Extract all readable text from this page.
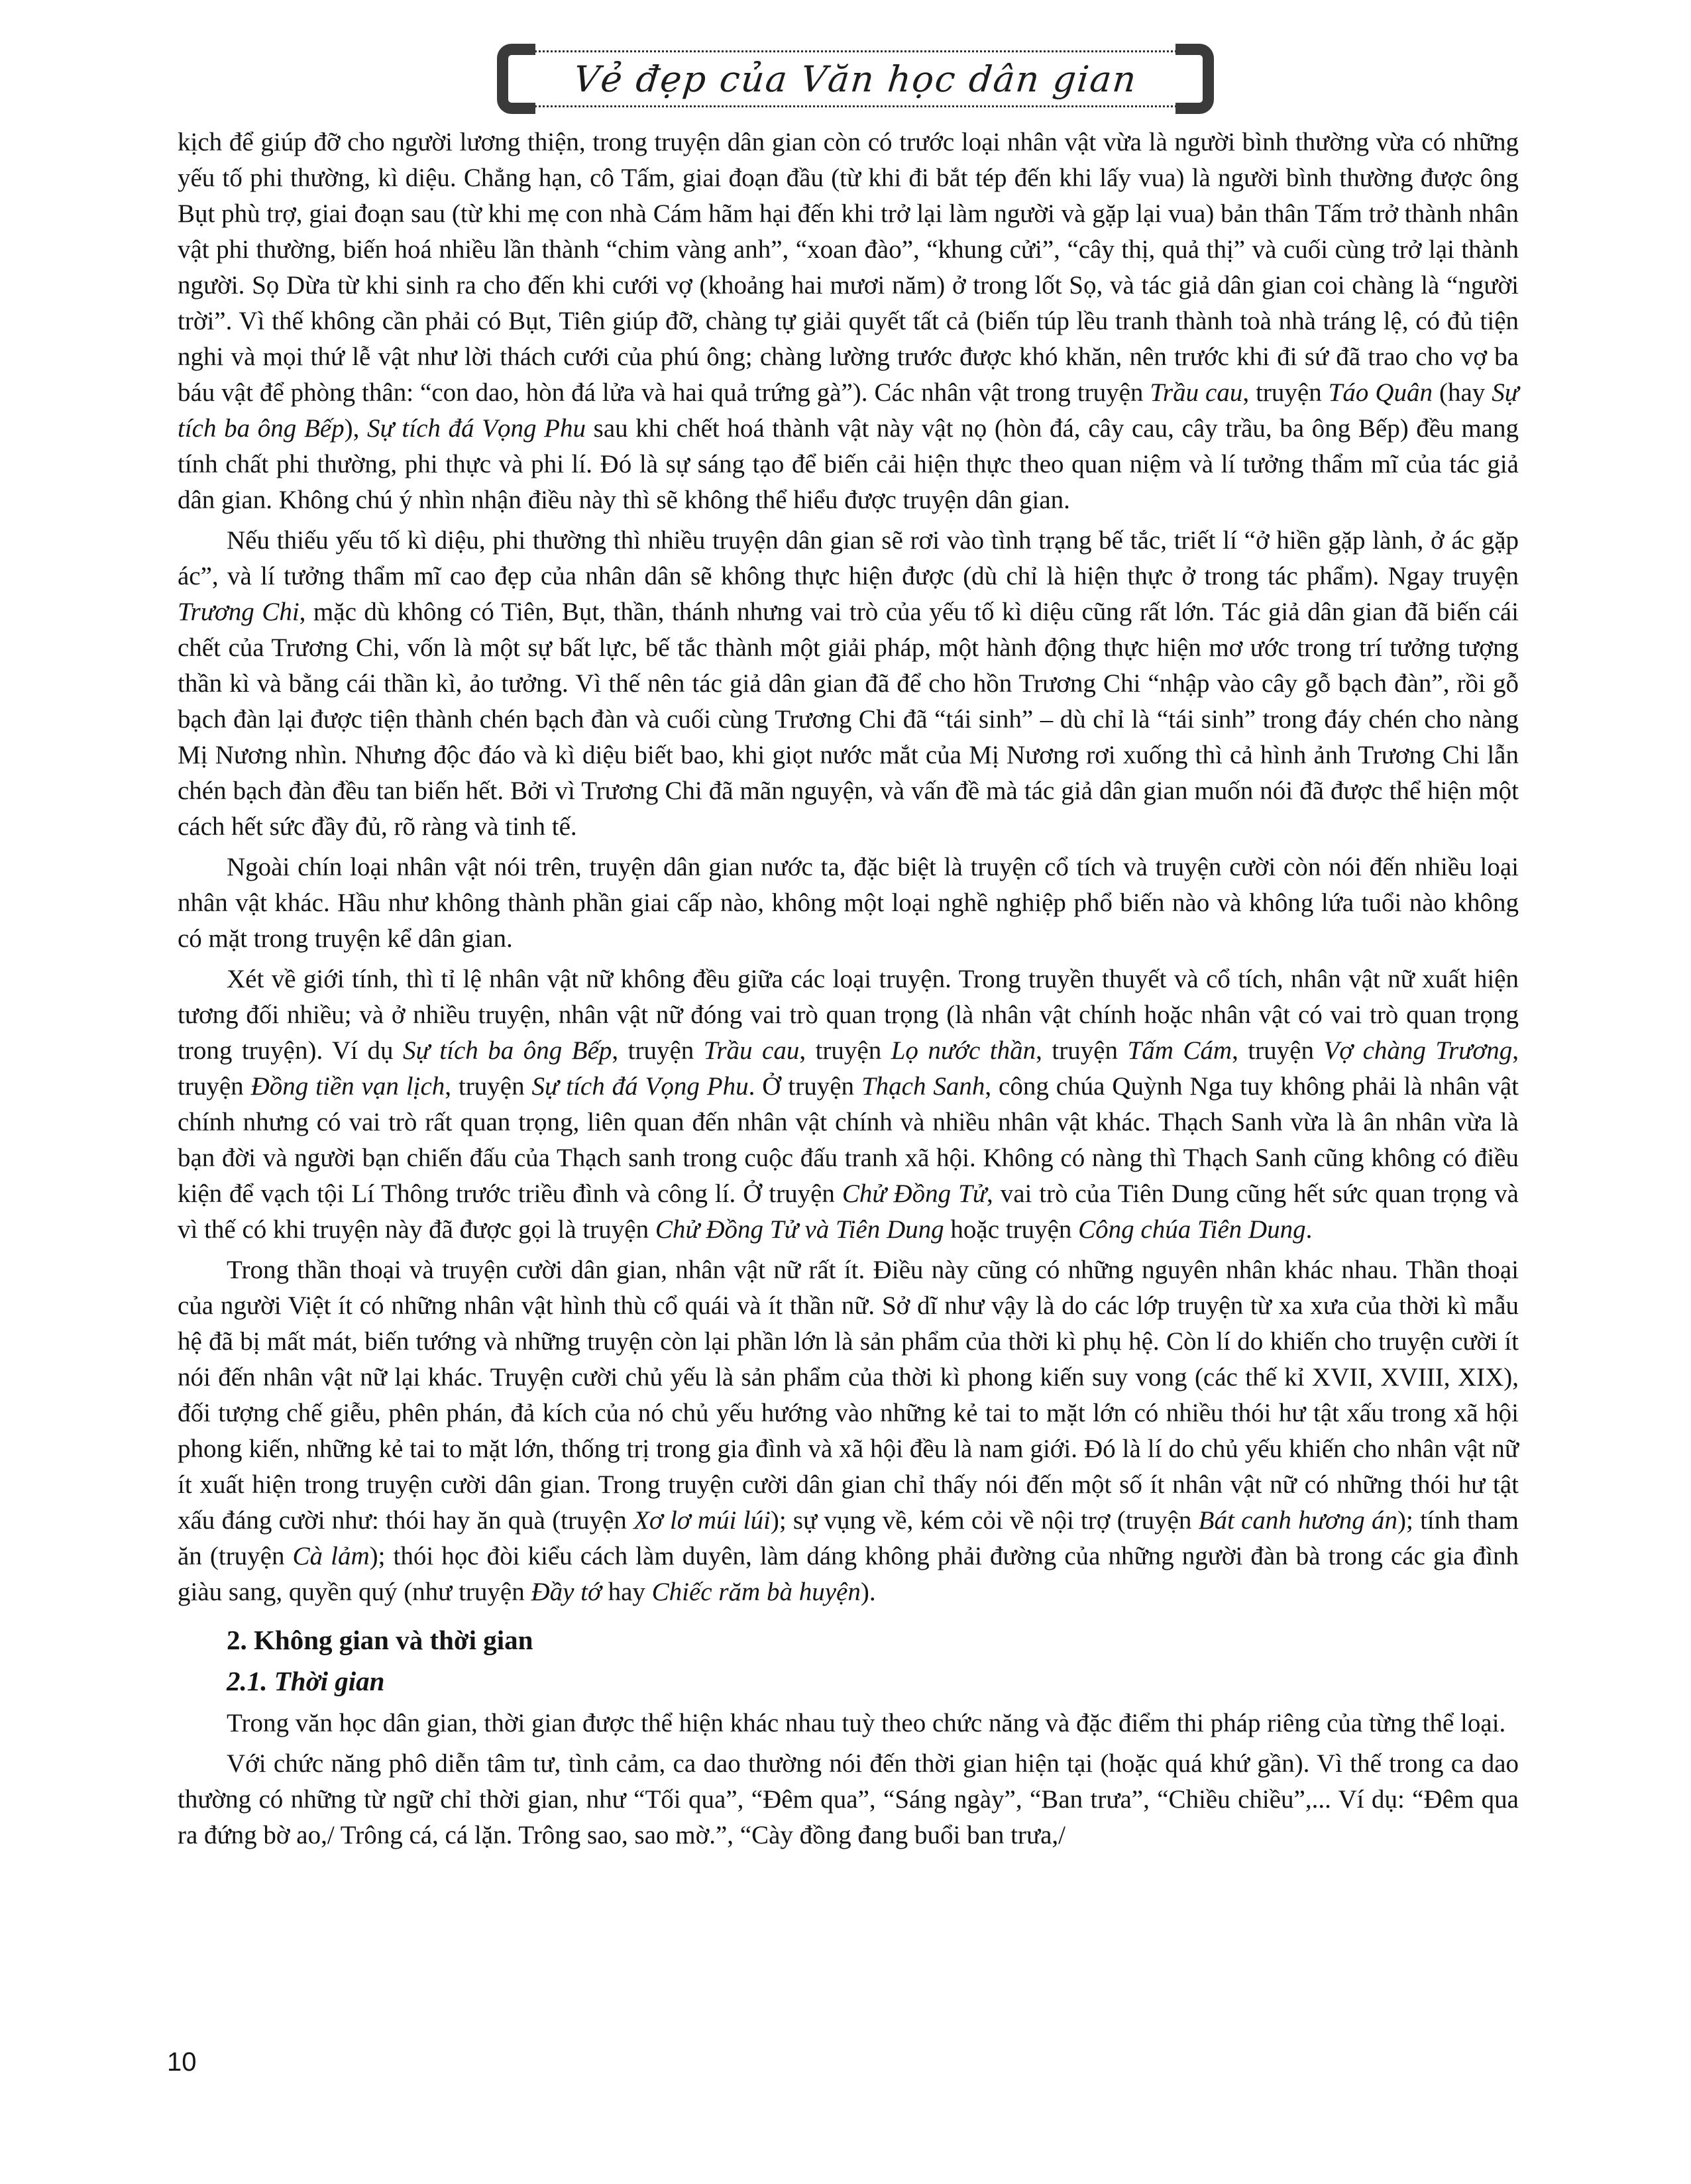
Vẻ đẹp của Văn học dân gian

kịch để giúp đỡ cho người lương thiện, trong truyện dân gian còn có trước loại nhân vật vừa là người bình thường vừa có những yếu tố phi thường, kì diệu. Chẳng hạn, cô Tấm, giai đoạn đầu (từ khi đi bắt tép đến khi lấy vua) là người bình thường được ông Bụt phù trợ, giai đoạn sau (từ khi mẹ con nhà Cám hãm hại đến khi trở lại làm người và gặp lại vua) bản thân Tấm trở thành nhân vật phi thường, biến hoá nhiều lần thành “chim vàng anh”, “xoan đào”, “khung cửi”, “cây thị, quả thị” và cuối cùng trở lại thành người. Sọ Dừa từ khi sinh ra cho đến khi cưới vợ (khoảng hai mươi năm) ở trong lốt Sọ, và tác giả dân gian coi chàng là “người trời”. Vì thế không cần phải có Bụt, Tiên giúp đỡ, chàng tự giải quyết tất cả (biến túp lều tranh thành toà nhà tráng lệ, có đủ tiện nghi và mọi thứ lễ vật như lời thách cưới của phú ông; chàng lường trước được khó khăn, nên trước khi đi sứ đã trao cho vợ ba báu vật để phòng thân: “con dao, hòn đá lửa và hai quả trứng gà”). Các nhân vật trong truyện Trầu cau, truyện Táo Quân (hay Sự tích ba ông Bếp), Sự tích đá Vọng Phu sau khi chết hoá thành vật này vật nọ (hòn đá, cây cau, cây trầu, ba ông Bếp) đều mang tính chất phi thường, phi thực và phi lí. Đó là sự sáng tạo để biến cải hiện thực theo quan niệm và lí tưởng thẩm mĩ của tác giả dân gian. Không chú ý nhìn nhận điều này thì sẽ không thể hiểu được truyện dân gian.

Nếu thiếu yếu tố kì diệu, phi thường thì nhiều truyện dân gian sẽ rơi vào tình trạng bế tắc, triết lí “ở hiền gặp lành, ở ác gặp ác”, và lí tưởng thẩm mĩ cao đẹp của nhân dân sẽ không thực hiện được (dù chỉ là hiện thực ở trong tác phẩm). Ngay truyện Trương Chi, mặc dù không có Tiên, Bụt, thần, thánh nhưng vai trò của yếu tố kì diệu cũng rất lớn. Tác giả dân gian đã biến cái chết của Trương Chi, vốn là một sự bất lực, bế tắc thành một giải pháp, một hành động thực hiện mơ ước trong trí tưởng tượng thần kì và bằng cái thần kì, ảo tưởng. Vì thế nên tác giả dân gian đã để cho hồn Trương Chi “nhập vào cây gỗ bạch đàn”, rồi gỗ bạch đàn lại được tiện thành chén bạch đàn và cuối cùng Trương Chi đã “tái sinh” – dù chỉ là “tái sinh” trong đáy chén cho nàng Mị Nương nhìn. Nhưng độc đáo và kì diệu biết bao, khi giọt nước mắt của Mị Nương rơi xuống thì cả hình ảnh Trương Chi lẫn chén bạch đàn đều tan biến hết. Bởi vì Trương Chi đã mãn nguyện, và vấn đề mà tác giả dân gian muốn nói đã được thể hiện một cách hết sức đầy đủ, rõ ràng và tinh tế.

Ngoài chín loại nhân vật nói trên, truyện dân gian nước ta, đặc biệt là truyện cổ tích và truyện cười còn nói đến nhiều loại nhân vật khác. Hầu như không thành phần giai cấp nào, không một loại nghề nghiệp phổ biến nào và không lứa tuổi nào không có mặt trong truyện kể dân gian.

Xét về giới tính, thì tỉ lệ nhân vật nữ không đều giữa các loại truyện. Trong truyền thuyết và cổ tích, nhân vật nữ xuất hiện tương đối nhiều; và ở nhiều truyện, nhân vật nữ đóng vai trò quan trọng (là nhân vật chính hoặc nhân vật có vai trò quan trọng trong truyện). Ví dụ Sự tích ba ông Bếp, truyện Trầu cau, truyện Lọ nước thần, truyện Tấm Cám, truyện Vợ chàng Trương, truyện Đồng tiền vạn lịch, truyện Sự tích đá Vọng Phu. Ở truyện Thạch Sanh, công chúa Quỳnh Nga tuy không phải là nhân vật chính nhưng có vai trò rất quan trọng, liên quan đến nhân vật chính và nhiều nhân vật khác. Thạch Sanh vừa là ân nhân vừa là bạn đời và người bạn chiến đấu của Thạch sanh trong cuộc đấu tranh xã hội. Không có nàng thì Thạch Sanh cũng không có điều kiện để vạch tội Lí Thông trước triều đình và công lí. Ở truyện Chử Đồng Tử, vai trò của Tiên Dung cũng hết sức quan trọng và vì thế có khi truyện này đã được gọi là truyện Chử Đồng Tử và Tiên Dung hoặc truyện Công chúa Tiên Dung.

Trong thần thoại và truyện cười dân gian, nhân vật nữ rất ít. Điều này cũng có những nguyên nhân khác nhau. Thần thoại của người Việt ít có những nhân vật hình thù cổ quái và ít thần nữ. Sở dĩ như vậy là do các lớp truyện từ xa xưa của thời kì mẫu hệ đã bị mất mát, biến tướng và những truyện còn lại phần lớn là sản phẩm của thời kì phụ hệ. Còn lí do khiến cho truyện cười ít nói đến nhân vật nữ lại khác. Truyện cười chủ yếu là sản phẩm của thời kì phong kiến suy vong (các thế kỉ XVII, XVIII, XIX), đối tượng chế giễu, phên phán, đả kích của nó chủ yếu hướng vào những kẻ tai to mặt lớn có nhiều thói hư tật xấu trong xã hội phong kiến, những kẻ tai to mặt lớn, thống trị trong gia đình và xã hội đều là nam giới. Đó là lí do chủ yếu khiến cho nhân vật nữ ít xuất hiện trong truyện cười dân gian. Trong truyện cười dân gian chỉ thấy nói đến một số ít nhân vật nữ có những thói hư tật xấu đáng cười như: thói hay ăn quà (truyện Xơ lơ múi lúi); sự vụng về, kém cỏi về nội trợ (truyện Bát canh hương án); tính tham ăn (truyện Cà lảm); thói học đòi kiểu cách làm duyên, làm dáng không phải đường của những người đàn bà trong các gia đình giàu sang, quyền quý (như truyện Đầy tớ hay Chiếc răm bà huyện).

2. Không gian và thời gian
2.1. Thời gian

Trong văn học dân gian, thời gian được thể hiện khác nhau tuỳ theo chức năng và đặc điểm thi pháp riêng của từng thể loại.

Với chức năng phô diễn tâm tư, tình cảm, ca dao thường nói đến thời gian hiện tại (hoặc quá khứ gần). Vì thế trong ca dao thường có những từ ngữ chỉ thời gian, như “Tối qua”, “Đêm qua”, “Sáng ngày”, “Ban trưa”, “Chiều chiều”,... Ví dụ: “Đêm qua ra đứng bờ ao,/ Trông cá, cá lặn. Trông sao, sao mờ.”, “Cày đồng đang buổi ban trưa,/

10
